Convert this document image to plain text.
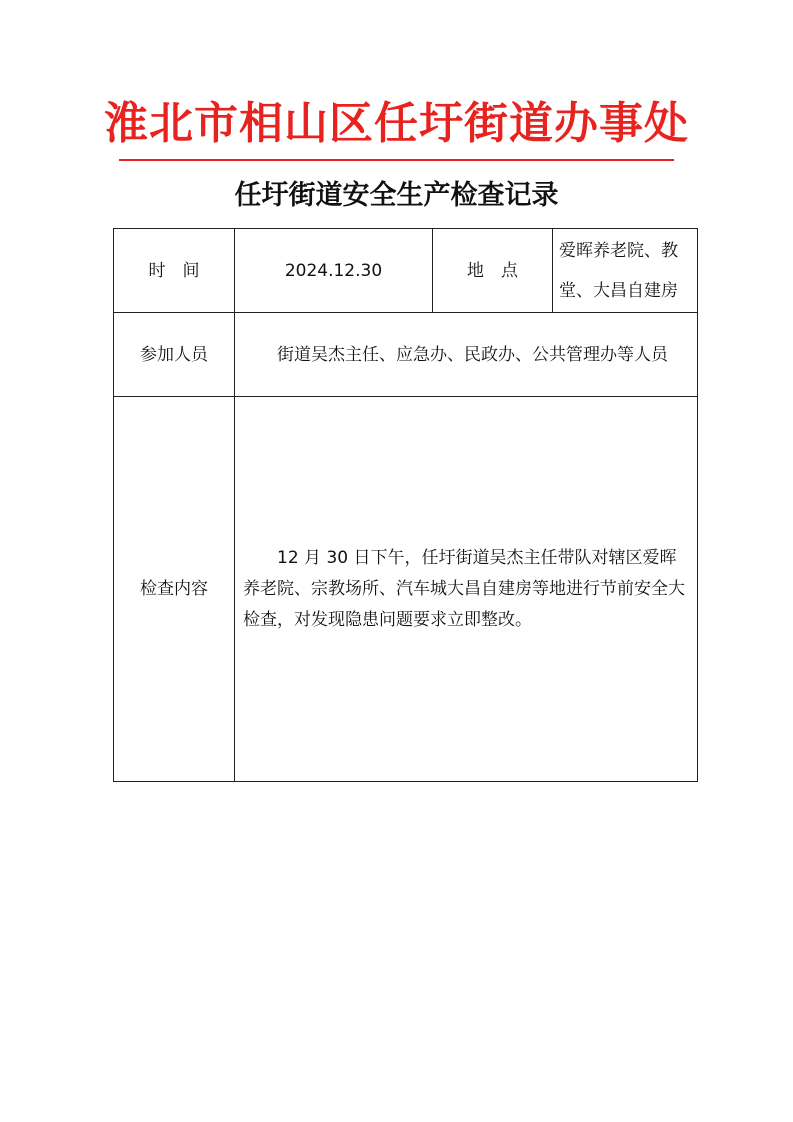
淮北市相山区任圩街道办事处
任圩街道安全生产检查记录
时　间	2024.12.30	地　点	爱晖养老院、教堂、大昌自建房
参加人员	街道吴杰主任、应急办、民政办、公共管理办等人员		
检查内容	12 月 30 日下午，任圩街道吴杰主任带队对辖区爱晖养老院、宗教场所、汽车城大昌自建房等地进行节前安全大检查，对发现隐患问题要求立即整改。		
